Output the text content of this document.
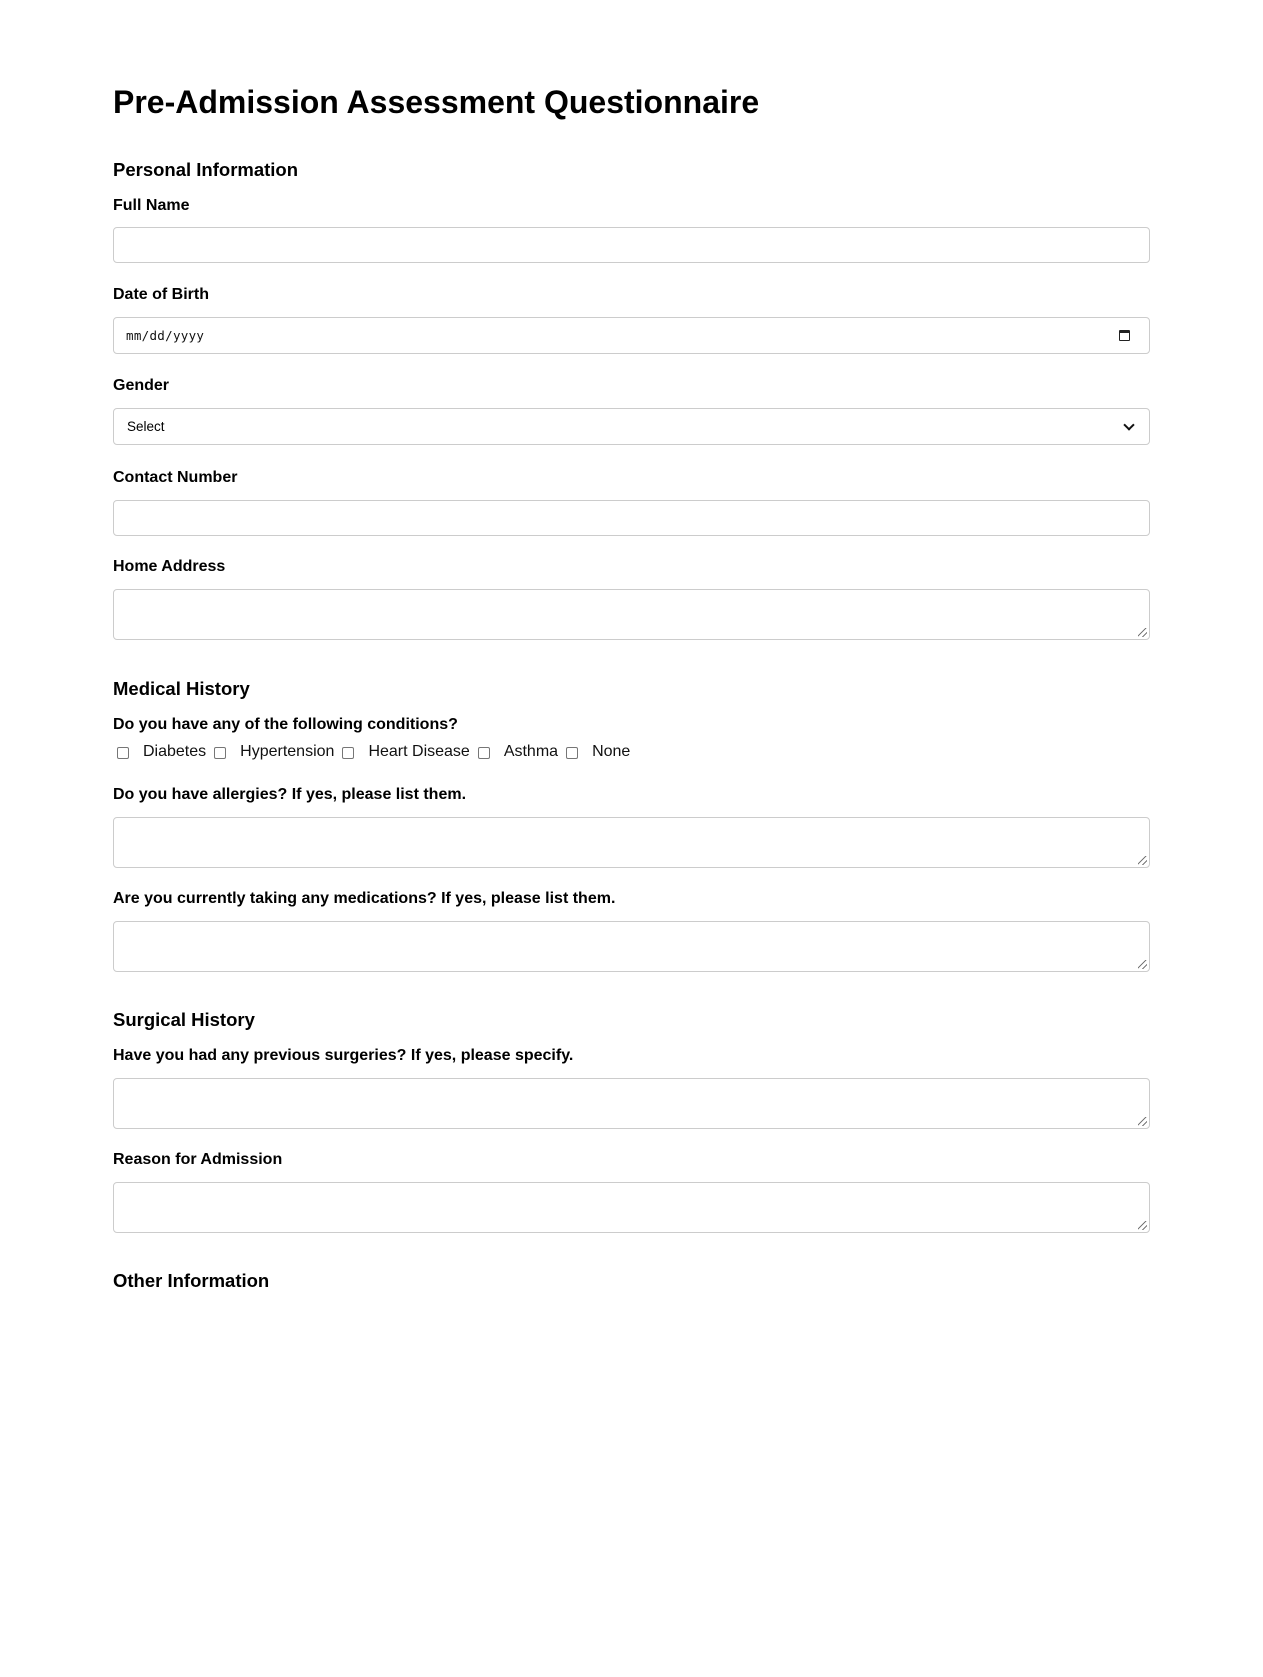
Pre-Admission Assessment Questionnaire
Personal Information
Full Name
Date of Birth
mm/dd/yyyy
Gender
Select
Contact Number
Home Address
Medical History
Do you have any of the following conditions?
Diabetes Hypertension Heart Disease Asthma None
Do you have allergies? If yes, please list them.
Are you currently taking any medications? If yes, please list them.
Surgical History
Have you had any previous surgeries? If yes, please specify.
Reason for Admission
Other Information
